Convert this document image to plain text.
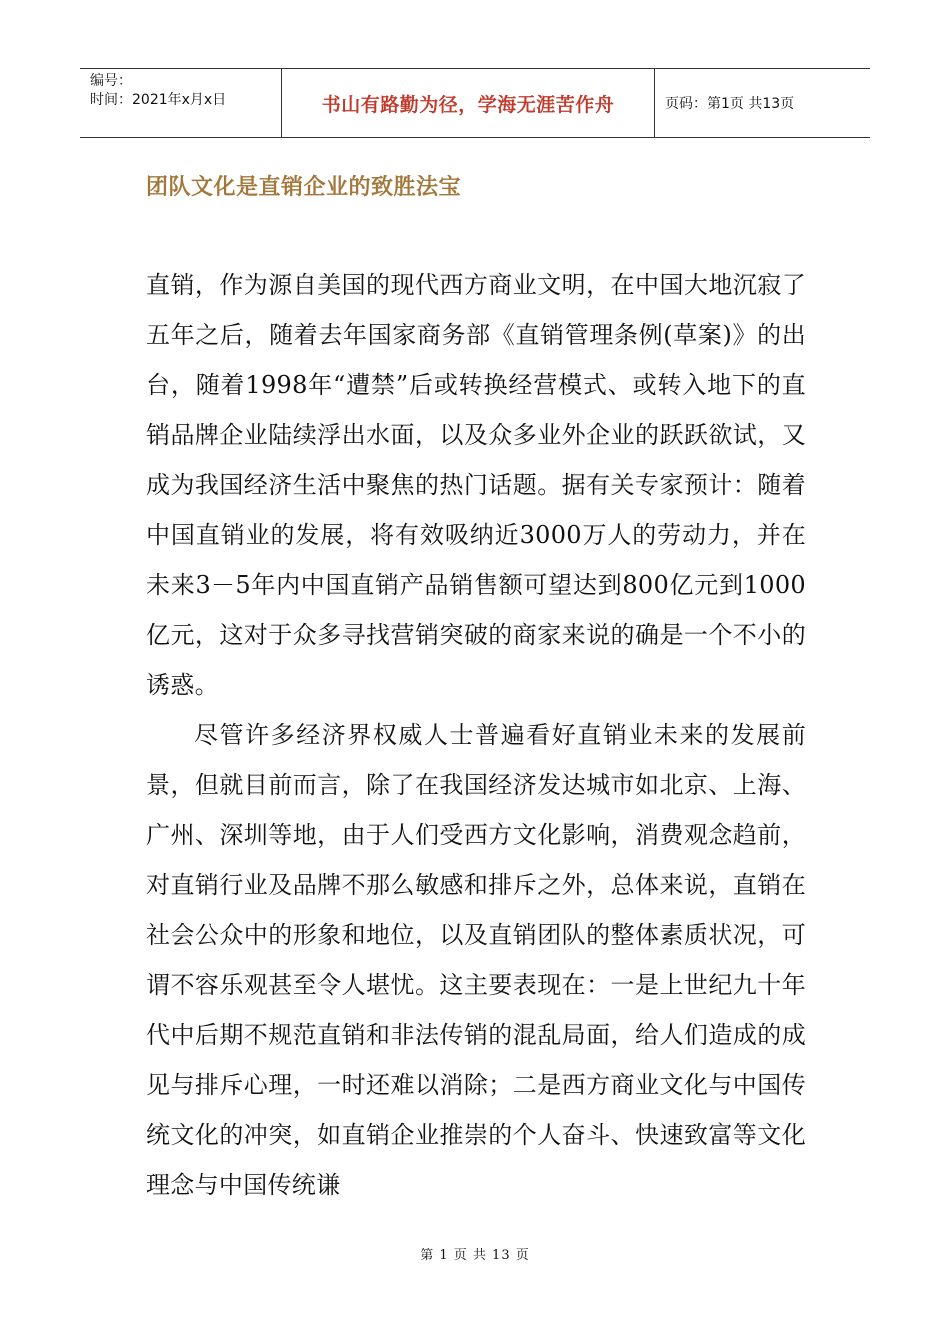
编号：
时间：2021年x月x日	书山有路勤为径，学海无涯苦作舟	页码：第1页 共13页
团队文化是直销企业的致胜法宝

直销，作为源自美国的现代西方商业文明，在中国大地沉寂了五年之后，随着去年国家商务部《直销管理条例(草案)》的出台，随着1998年“遭禁”后或转换经营模式、或转入地下的直销品牌企业陆续浮出水面，以及众多业外企业的跃跃欲试，又成为我国经济生活中聚焦的热门话题。据有关专家预计：随着中国直销业的发展，将有效吸纳近3000万人的劳动力，并在未来3－5年内中国直销产品销售额可望达到800亿元到1000亿元，这对于众多寻找营销突破的商家来说的确是一个不小的诱惑。

尽管许多经济界权威人士普遍看好直销业未来的发展前景，但就目前而言，除了在我国经济发达城市如北京、上海、广州、深圳等地，由于人们受西方文化影响，消费观念趋前，对直销行业及品牌不那么敏感和排斥之外，总体来说，直销在社会公众中的形象和地位，以及直销团队的整体素质状况，可谓不容乐观甚至令人堪忧。这主要表现在：一是上世纪九十年代中后期不规范直销和非法传销的混乱局面，给人们造成的成见与排斥心理，一时还难以消除；二是西方商业文化与中国传统文化的冲突，如直销企业推崇的个人奋斗、快速致富等文化理念与中国传统谦

第 1 页 共 13 页
